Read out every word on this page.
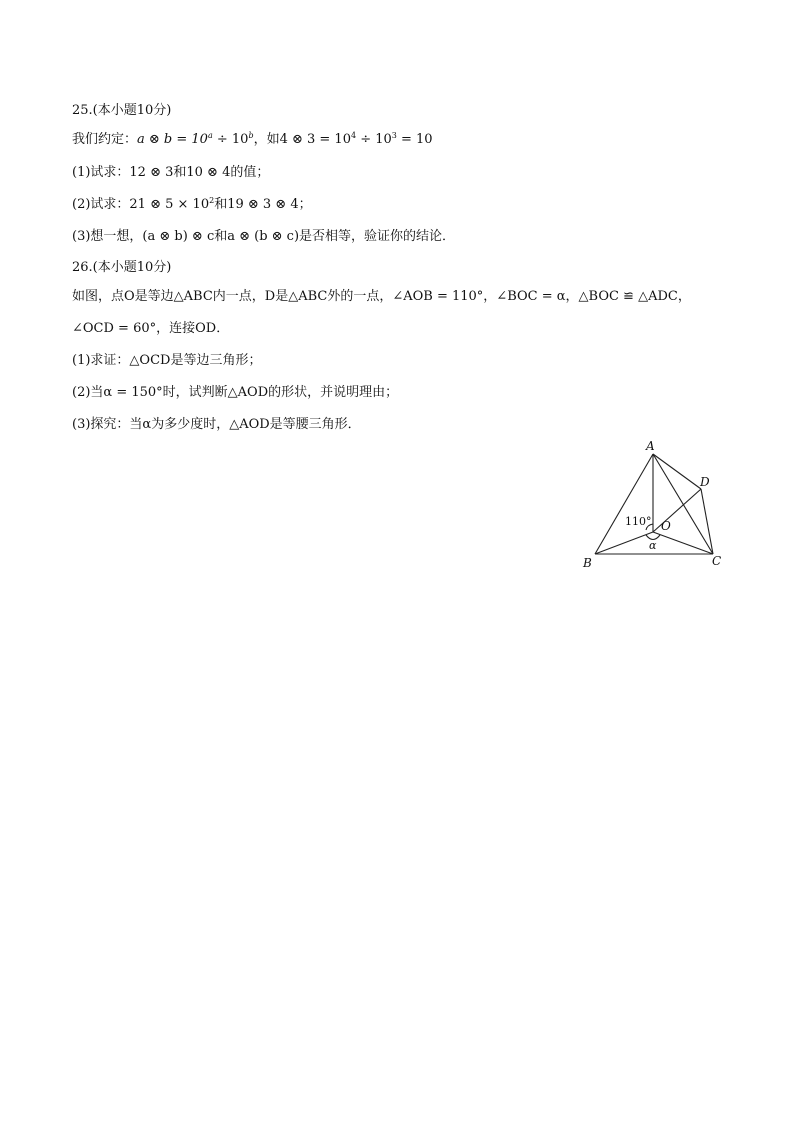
25.(本小题10分)
我们约定：a ⊗ $b = 10^a \div 10^b$，如4 ⊗ $3 = 10^4 \div 10^3 = 10$
(1)试求：12 ⊗ 3和10 ⊗ 4的值；
(2)试求：21 ⊗ $5 \times 10^2$和19 ⊗ 3 ⊗ 4；
(3)想一想，(a ⊗ b) ⊗ c和a ⊗ (b ⊗ c)是否相等，验证你的结论．
26.(本小题10分)
如图，点O是等边△ABC内一点，D是△ABC外的一点，∠AOB = 110°，∠BOC = α，△BOC ≌ △ADC，
∠OCD = 60°，连接OD．
(1)求证：△OCD是等边三角形；
(2)当α = 150°时，试判断△AOD的形状，并说明理由；
(3)探究：当α为多少度时，△AOD是等腰三角形．
A
B	C
D
O
110°
α
